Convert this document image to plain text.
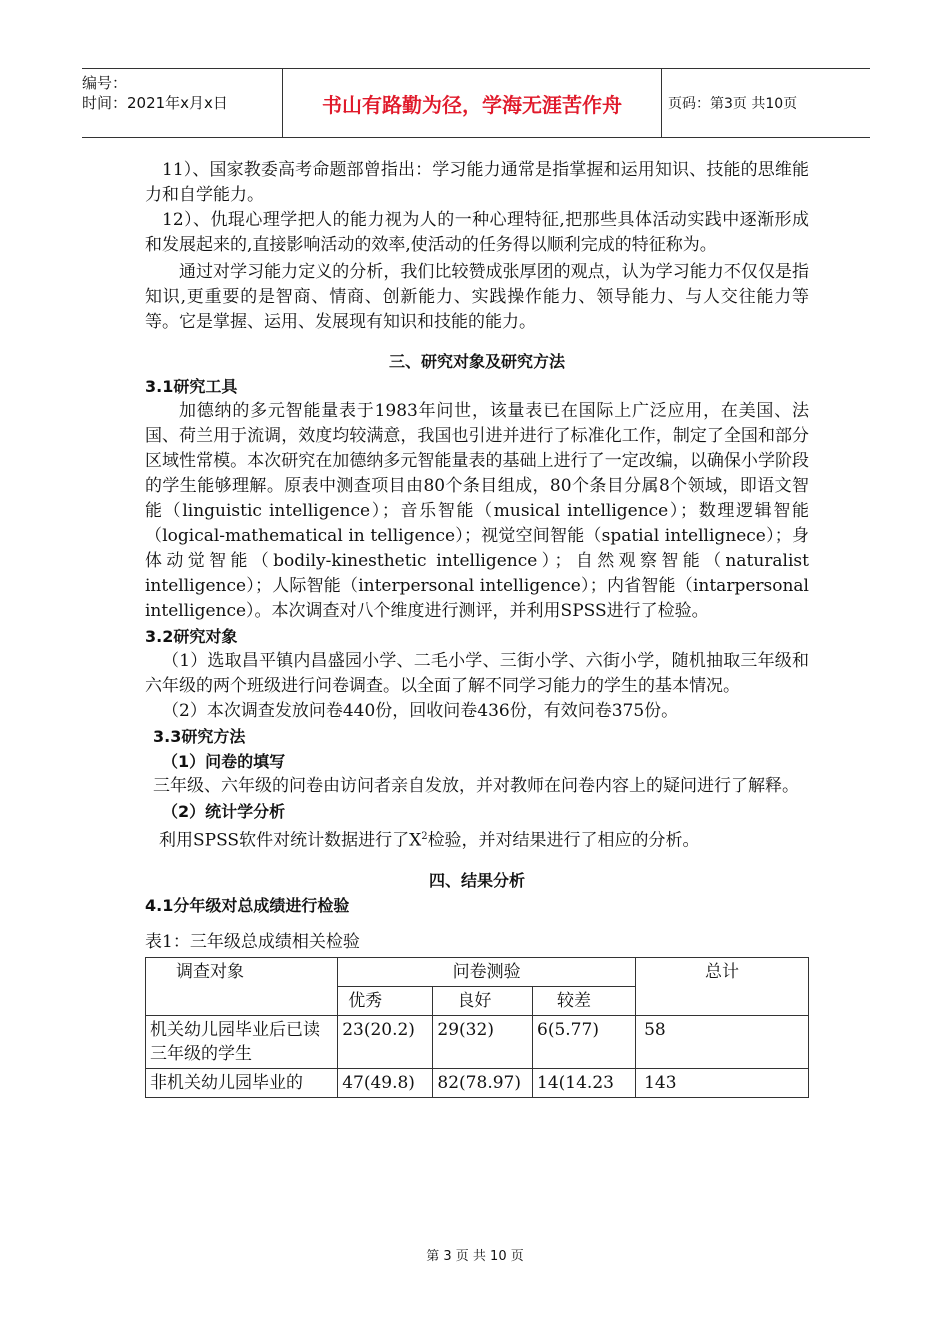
编号：
时间：2021年x月x日	书山有路勤为径，学海无涯苦作舟	页码：第3页 共10页

11）、国家教委高考命题部曾指出：学习能力通常是指掌握和运用知识、技能的思维能力和自学能力。

12）、仇琨心理学把人的能力视为人的一种心理特征,把那些具体活动实践中逐渐形成和发展起来的,直接影响活动的效率,使活动的任务得以顺利完成的特征称为。

通过对学习能力定义的分析，我们比较赞成张厚团的观点，认为学习能力不仅仅是指知识,更重要的是智商、情商、创新能力、实践操作能力、领导能力、与人交往能力等等。它是掌握、运用、发展现有知识和技能的能力。

三、研究对象及研究方法
3.1研究工具

加德纳的多元智能量表于1983年问世，该量表已在国际上广泛应用，在美国、法国、荷兰用于流调，效度均较满意，我国也引进并进行了标准化工作，制定了全国和部分区域性常模。本次研究在加德纳多元智能量表的基础上进行了一定改编，以确保小学阶段的学生能够理解。原表中测查项目由80个条目组成，80个条目分属8个领域，即语文智能（linguistic intelligence）；音乐智能（musical intelligence）；数理逻辑智能（logical-mathematical in telligence）；视觉空间智能（spatial intellignece）；身体动觉智能（bodily-kinesthetic intelligence）；自然观察智能（naturalist intelligence）；人际智能（interpersonal intelligence）；内省智能（intarpersonal intelligence）。本次调查对八个维度进行测评，并利用SPSS进行了检验。

3.2研究对象

（1）选取昌平镇内昌盛园小学、二毛小学、三街小学、六街小学，随机抽取三年级和六年级的两个班级进行问卷调查。以全面了解不同学习能力的学生的基本情况。

（2）本次调查发放问卷440份，回收问卷436份，有效问卷375份。

3.3研究方法
（1）问卷的填写

三年级、六年级的问卷由访问者亲自发放，并对教师在问卷内容上的疑问进行了解释。

（2）统计学分析

利用SPSS软件对统计数据进行了$X^2$检验，并对结果进行了相应的分析。

四、结果分析
4.1分年级对总成绩进行检验
表1：三年级总成绩相关检验
调查对象	问卷测验			总计
	优秀	良好	较差	
机关幼儿园毕业后已读三年级的学生	23(20.2)	29(32)	6(5.77)	58
非机关幼儿园毕业的	47(49.8)	82(78.97)	14(14.23	143
第 3 页 共 10 页
